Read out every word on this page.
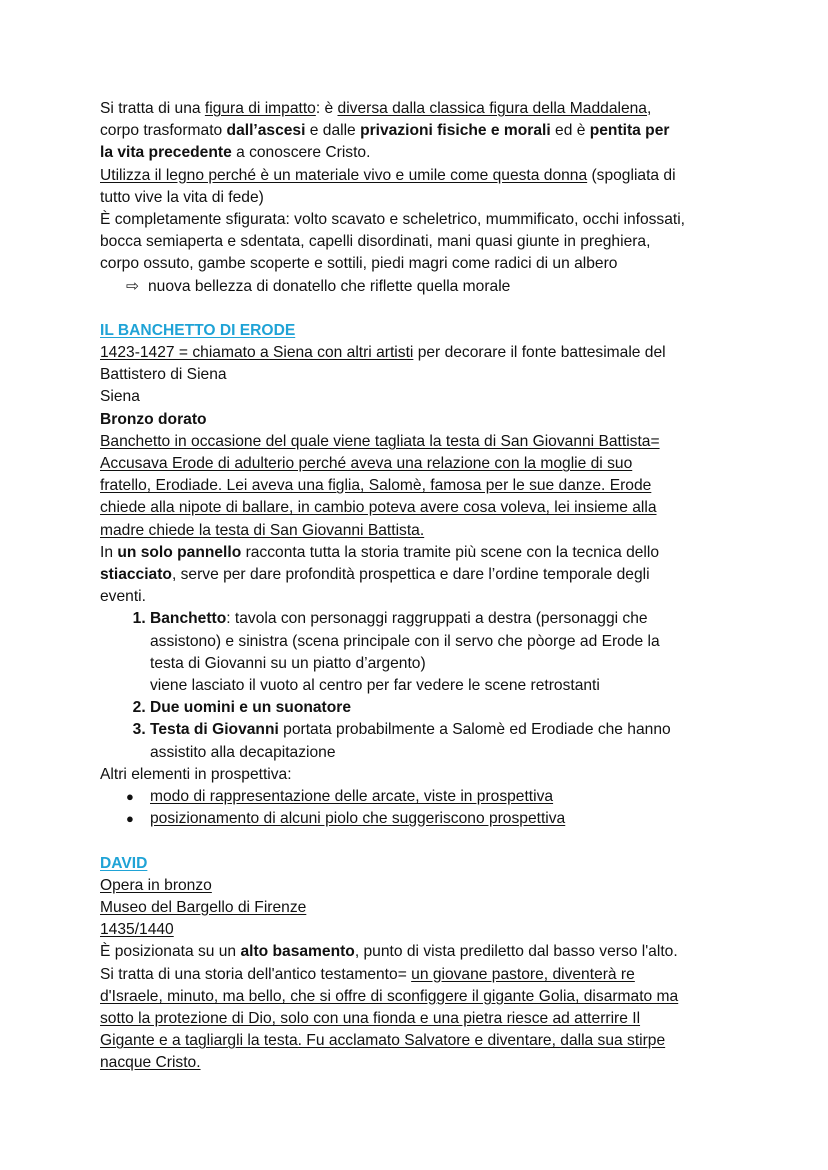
Si tratta di una figura di impatto: è diversa dalla classica figura della Maddalena,

corpo trasformato dall’ascesi e dalle privazioni fisiche e morali ed è pentita per

la vita precedente a conoscere Cristo.

Utilizza il legno perché è un materiale vivo e umile come questa donna (spogliata di

tutto vive la vita di fede)

È completamente sfigurata: volto scavato e scheletrico, mummificato, occhi infossati,

bocca semiaperta e sdentata, capelli disordinati, mani quasi giunte in preghiera,

corpo ossuto, gambe scoperte e sottili, piedi magri come radici di un albero

⇨ nuova bellezza di donatello che riflette quella morale

IL BANCHETTO DI ERODE

1423-1427 = chiamato a Siena con altri artisti per decorare il fonte battesimale del

Battistero di Siena

Siena

Bronzo dorato

Banchetto in occasione del quale viene tagliata la testa di San Giovanni Battista=

Accusava Erode di adulterio perché aveva una relazione con la moglie di suo

fratello, Erodiade. Lei aveva una figlia, Salomè, famosa per le sue danze. Erode

chiede alla nipote di ballare, in cambio poteva avere cosa voleva, lei insieme alla

madre chiede la testa di San Giovanni Battista.

In un solo pannello racconta tutta la storia tramite più scene con la tecnica dello

stiacciato, serve per dare profondità prospettica e dare l’ordine temporale degli

eventi.

1. Banchetto: tavola con personaggi raggruppati a destra (personaggi che
assistono) e sinistra (scena principale con il servo che pòorge ad Erode la
testa di Giovanni su un piatto d’argento)
viene lasciato il vuoto al centro per far vedere le scene retrostanti
2. Due uomini e un suonatore
3. Testa di Giovanni portata probabilmente a Salomè ed Erodiade che hanno
assistito alla decapitazione

Altri elementi in prospettiva:

● modo di rappresentazione delle arcate, viste in prospettiva
● posizionamento di alcuni piolo che suggeriscono prospettiva

DAVID

Opera in bronzo

Museo del Bargello di Firenze

1435/1440

È posizionata su un alto basamento, punto di vista prediletto dal basso verso l'alto.

Si tratta di una storia dell'antico testamento= un giovane pastore, diventerà re

d'Israele, minuto, ma bello, che si offre di sconfiggere il gigante Golia, disarmato ma

sotto la protezione di Dio, solo con una fionda e una pietra riesce ad atterrire Il

Gigante e a tagliargli la testa. Fu acclamato Salvatore e diventare, dalla sua stirpe

nacque Cristo.
